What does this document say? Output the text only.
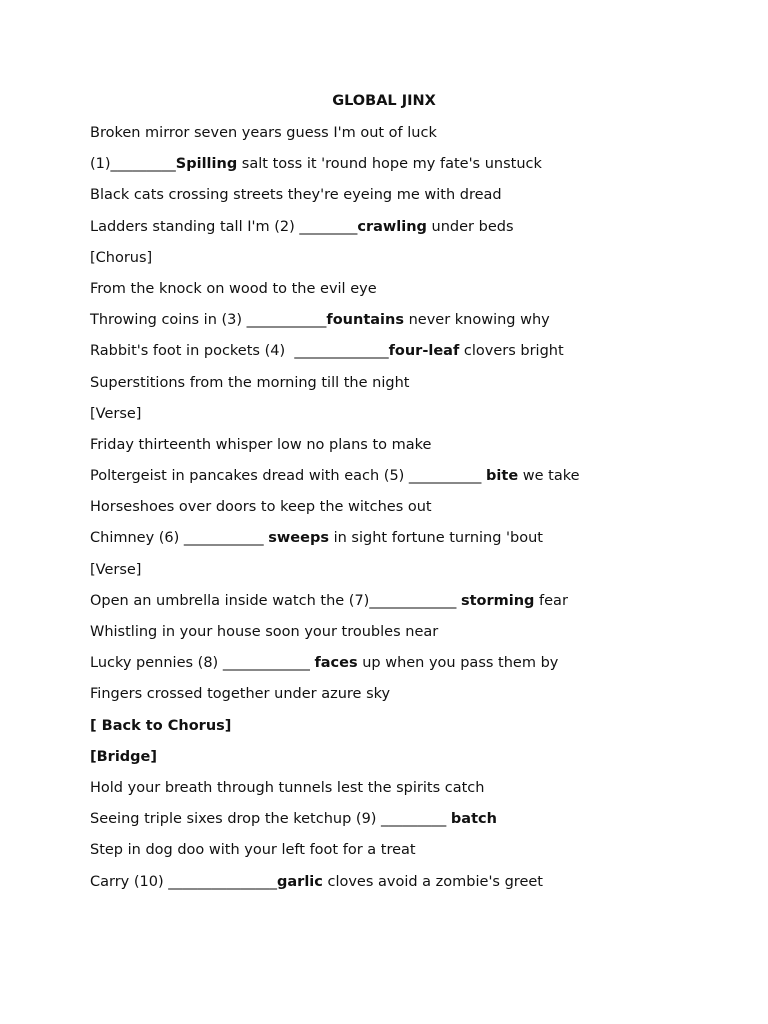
GLOBAL JINX
Broken mirror seven years guess I'm out of luck
(1)_________Spilling salt toss it 'round hope my fate's unstuck
Black cats crossing streets they're eyeing me with dread
Ladders standing tall I'm (2) ________crawling under beds
[Chorus]
From the knock on wood to the evil eye
Throwing coins in (3) ___________fountains never knowing why
Rabbit's foot in pockets (4)  _____________four-leaf clovers bright
Superstitions from the morning till the night
[Verse]
Friday thirteenth whisper low no plans to make
Poltergeist in pancakes dread with each (5) __________ bite we take
Horseshoes over doors to keep the witches out
Chimney (6) ___________ sweeps in sight fortune turning 'bout
[Verse]
Open an umbrella inside watch the (7)____________ storming fear
Whistling in your house soon your troubles near
Lucky pennies (8) ____________ faces up when you pass them by
Fingers crossed together under azure sky
[ Back to Chorus]
[Bridge]
Hold your breath through tunnels lest the spirits catch
Seeing triple sixes drop the ketchup (9) _________ batch
Step in dog doo with your left foot for a treat
Carry (10) _______________garlic cloves avoid a zombie's greet
